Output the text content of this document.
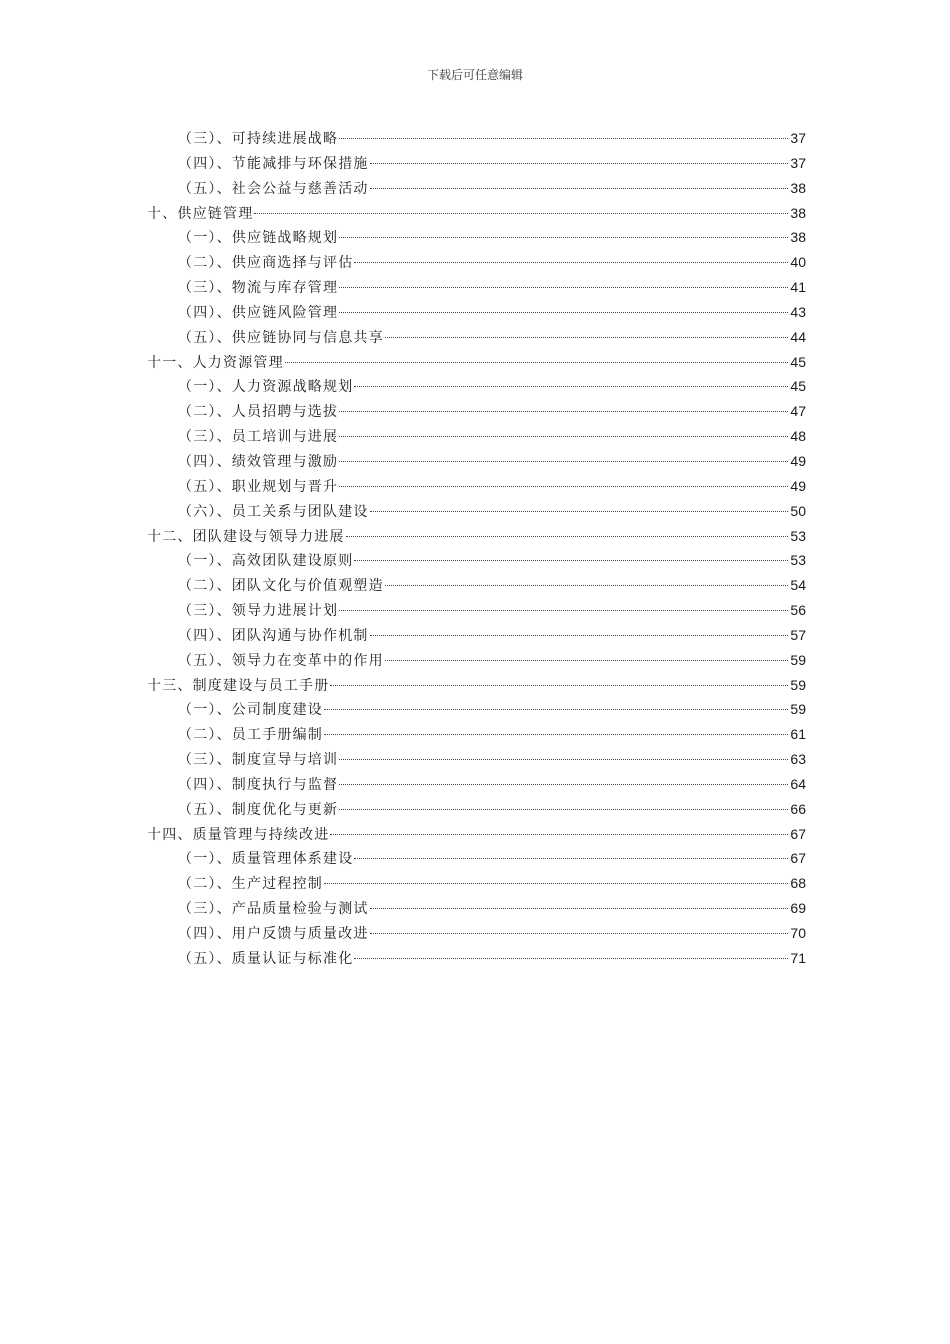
下载后可任意编辑
（三）、可持续进展战略	37
（四）、节能减排与环保措施	37
（五）、社会公益与慈善活动	38
十、供应链管理	38
（一）、供应链战略规划	38
（二）、供应商选择与评估	40
（三）、物流与库存管理	41
（四）、供应链风险管理	43
（五）、供应链协同与信息共享	44
十一、人力资源管理	45
（一）、人力资源战略规划	45
（二）、人员招聘与选拔	47
（三）、员工培训与进展	48
（四）、绩效管理与激励	49
（五）、职业规划与晋升	49
（六）、员工关系与团队建设	50
十二、团队建设与领导力进展	53
（一）、高效团队建设原则	53
（二）、团队文化与价值观塑造	54
（三）、领导力进展计划	56
（四）、团队沟通与协作机制	57
（五）、领导力在变革中的作用	59
十三、制度建设与员工手册	59
（一）、公司制度建设	59
（二）、员工手册编制	61
（三）、制度宣导与培训	63
（四）、制度执行与监督	64
（五）、制度优化与更新	66
十四、质量管理与持续改进	67
（一）、质量管理体系建设	67
（二）、生产过程控制	68
（三）、产品质量检验与测试	69
（四）、用户反馈与质量改进	70
（五）、质量认证与标准化	71
